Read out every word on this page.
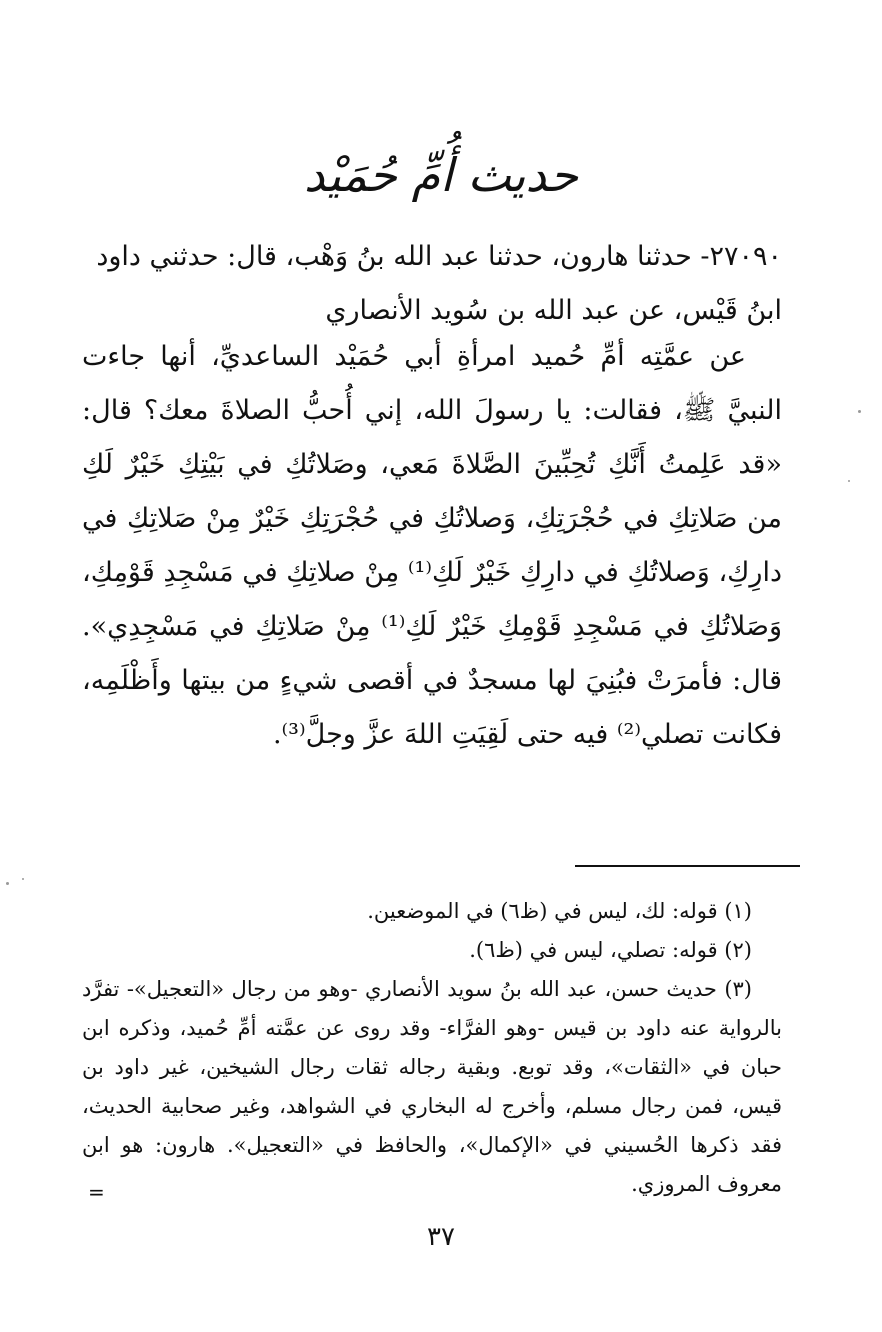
حديث أُمِّ حُمَيْد
٢٧٠٩٠- حدثنا هارون، حدثنا عبد الله بنُ وَهْب، قال: حدثني داود
ابنُ قَيْس، عن عبد الله بن سُويد الأنصاري

عن عمَّتِه أمِّ حُميد امرأةِ أبي حُمَيْد الساعديِّ، أنها جاءت النبيَّ ﷺ، فقالت: يا رسولَ الله، إني أُحبُّ الصلاةَ معك؟ قال: «قد عَلِمتُ أَنَّكِ تُحِبِّينَ الصَّلاةَ مَعي، وصَلاتُكِ في بَيْتِكِ خَيْرٌ لَكِ من صَلاتِكِ في حُجْرَتِكِ، وَصلاتُكِ في حُجْرَتِكِ خَيْرٌ مِنْ صَلاتِكِ في دارِكِ، وَصلاتُكِ في دارِكِ خَيْرٌ لَكِ⁽¹⁾ مِنْ صلاتِكِ في مَسْجِدِ قَوْمِكِ، وَصَلاتُكِ في مَسْجِدِ قَوْمِكِ خَيْرٌ لَكِ⁽¹⁾ مِنْ صَلاتِكِ في مَسْجِدِي». قال: فأمرَتْ فبُنِيَ لها مسجدٌ في أقصى شيءٍ من بيتها وأَظْلَمِه، فكانت تصلي⁽²⁾ فيه حتى لَقِيَتِ اللهَ عزَّ وجلَّ⁽³⁾.

(١) قوله: لك، ليس في (ظ٦) في الموضعين.
(٢) قوله: تصلي، ليس في (ظ٦).
(٣) حديث حسن، عبد الله بنُ سويد الأنصاري -وهو من رجال «التعجيل»- تفرَّد بالرواية عنه داود بن قيس -وهو الفرَّاء- وقد روى عن عمَّته أمِّ حُميد، وذكره ابن حبان في «الثقات»، وقد توبع. وبقية رجاله ثقات رجال الشيخين، غير داود بن قيس، فمن رجال مسلم، وأخرج له البخاري في الشواهد، وغير صحابية الحديث، فقد ذكرها الحُسيني في «الإكمال»، والحافظ في «التعجيل». هارون: هو ابن معروف المروزي.
=
٣٧
